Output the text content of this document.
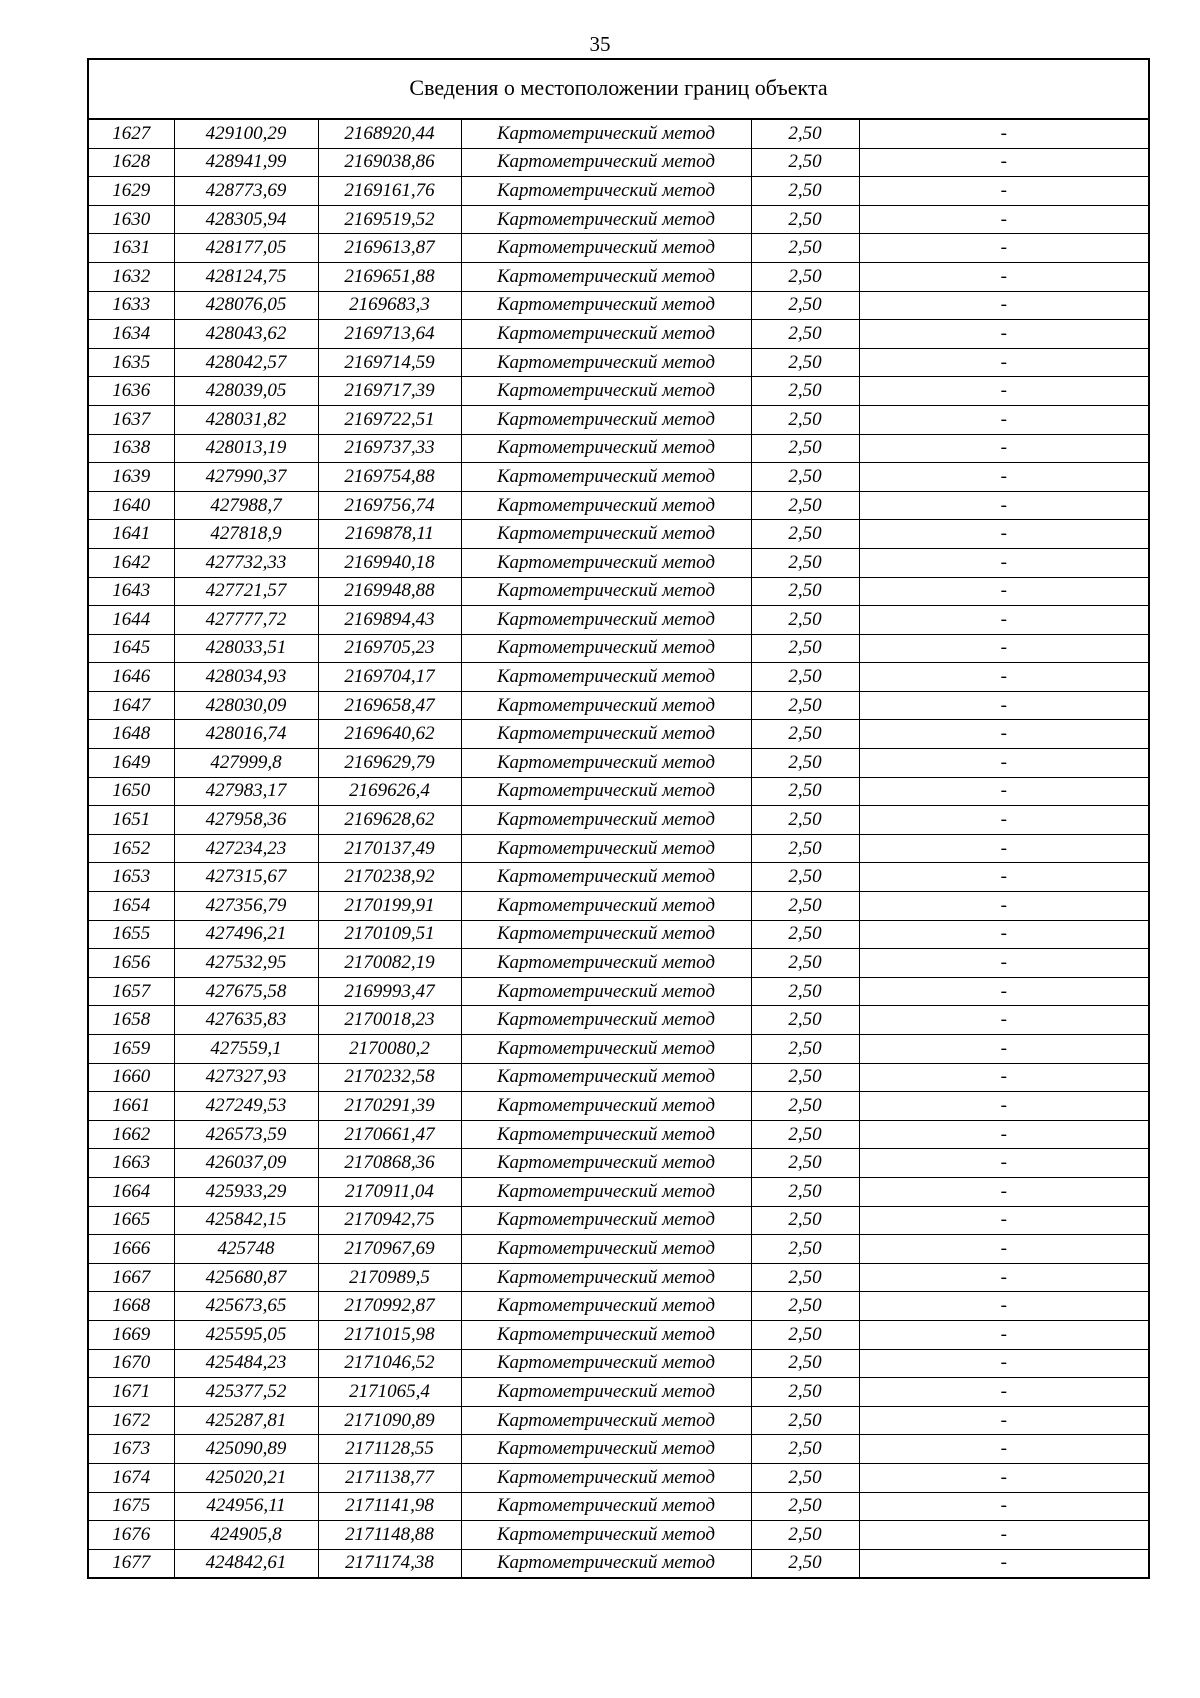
35
Сведения о местоположении границ объекта
1627	429100,29	2168920,44	Картометрический метод	2,50	-
1628	428941,99	2169038,86	Картометрический метод	2,50	-
1629	428773,69	2169161,76	Картометрический метод	2,50	-
1630	428305,94	2169519,52	Картометрический метод	2,50	-
1631	428177,05	2169613,87	Картометрический метод	2,50	-
1632	428124,75	2169651,88	Картометрический метод	2,50	-
1633	428076,05	2169683,3	Картометрический метод	2,50	-
1634	428043,62	2169713,64	Картометрический метод	2,50	-
1635	428042,57	2169714,59	Картометрический метод	2,50	-
1636	428039,05	2169717,39	Картометрический метод	2,50	-
1637	428031,82	2169722,51	Картометрический метод	2,50	-
1638	428013,19	2169737,33	Картометрический метод	2,50	-
1639	427990,37	2169754,88	Картометрический метод	2,50	-
1640	427988,7	2169756,74	Картометрический метод	2,50	-
1641	427818,9	2169878,11	Картометрический метод	2,50	-
1642	427732,33	2169940,18	Картометрический метод	2,50	-
1643	427721,57	2169948,88	Картометрический метод	2,50	-
1644	427777,72	2169894,43	Картометрический метод	2,50	-
1645	428033,51	2169705,23	Картометрический метод	2,50	-
1646	428034,93	2169704,17	Картометрический метод	2,50	-
1647	428030,09	2169658,47	Картометрический метод	2,50	-
1648	428016,74	2169640,62	Картометрический метод	2,50	-
1649	427999,8	2169629,79	Картометрический метод	2,50	-
1650	427983,17	2169626,4	Картометрический метод	2,50	-
1651	427958,36	2169628,62	Картометрический метод	2,50	-
1652	427234,23	2170137,49	Картометрический метод	2,50	-
1653	427315,67	2170238,92	Картометрический метод	2,50	-
1654	427356,79	2170199,91	Картометрический метод	2,50	-
1655	427496,21	2170109,51	Картометрический метод	2,50	-
1656	427532,95	2170082,19	Картометрический метод	2,50	-
1657	427675,58	2169993,47	Картометрический метод	2,50	-
1658	427635,83	2170018,23	Картометрический метод	2,50	-
1659	427559,1	2170080,2	Картометрический метод	2,50	-
1660	427327,93	2170232,58	Картометрический метод	2,50	-
1661	427249,53	2170291,39	Картометрический метод	2,50	-
1662	426573,59	2170661,47	Картометрический метод	2,50	-
1663	426037,09	2170868,36	Картометрический метод	2,50	-
1664	425933,29	2170911,04	Картометрический метод	2,50	-
1665	425842,15	2170942,75	Картометрический метод	2,50	-
1666	425748	2170967,69	Картометрический метод	2,50	-
1667	425680,87	2170989,5	Картометрический метод	2,50	-
1668	425673,65	2170992,87	Картометрический метод	2,50	-
1669	425595,05	2171015,98	Картометрический метод	2,50	-
1670	425484,23	2171046,52	Картометрический метод	2,50	-
1671	425377,52	2171065,4	Картометрический метод	2,50	-
1672	425287,81	2171090,89	Картометрический метод	2,50	-
1673	425090,89	2171128,55	Картометрический метод	2,50	-
1674	425020,21	2171138,77	Картометрический метод	2,50	-
1675	424956,11	2171141,98	Картометрический метод	2,50	-
1676	424905,8	2171148,88	Картометрический метод	2,50	-
1677	424842,61	2171174,38	Картометрический метод	2,50	-
